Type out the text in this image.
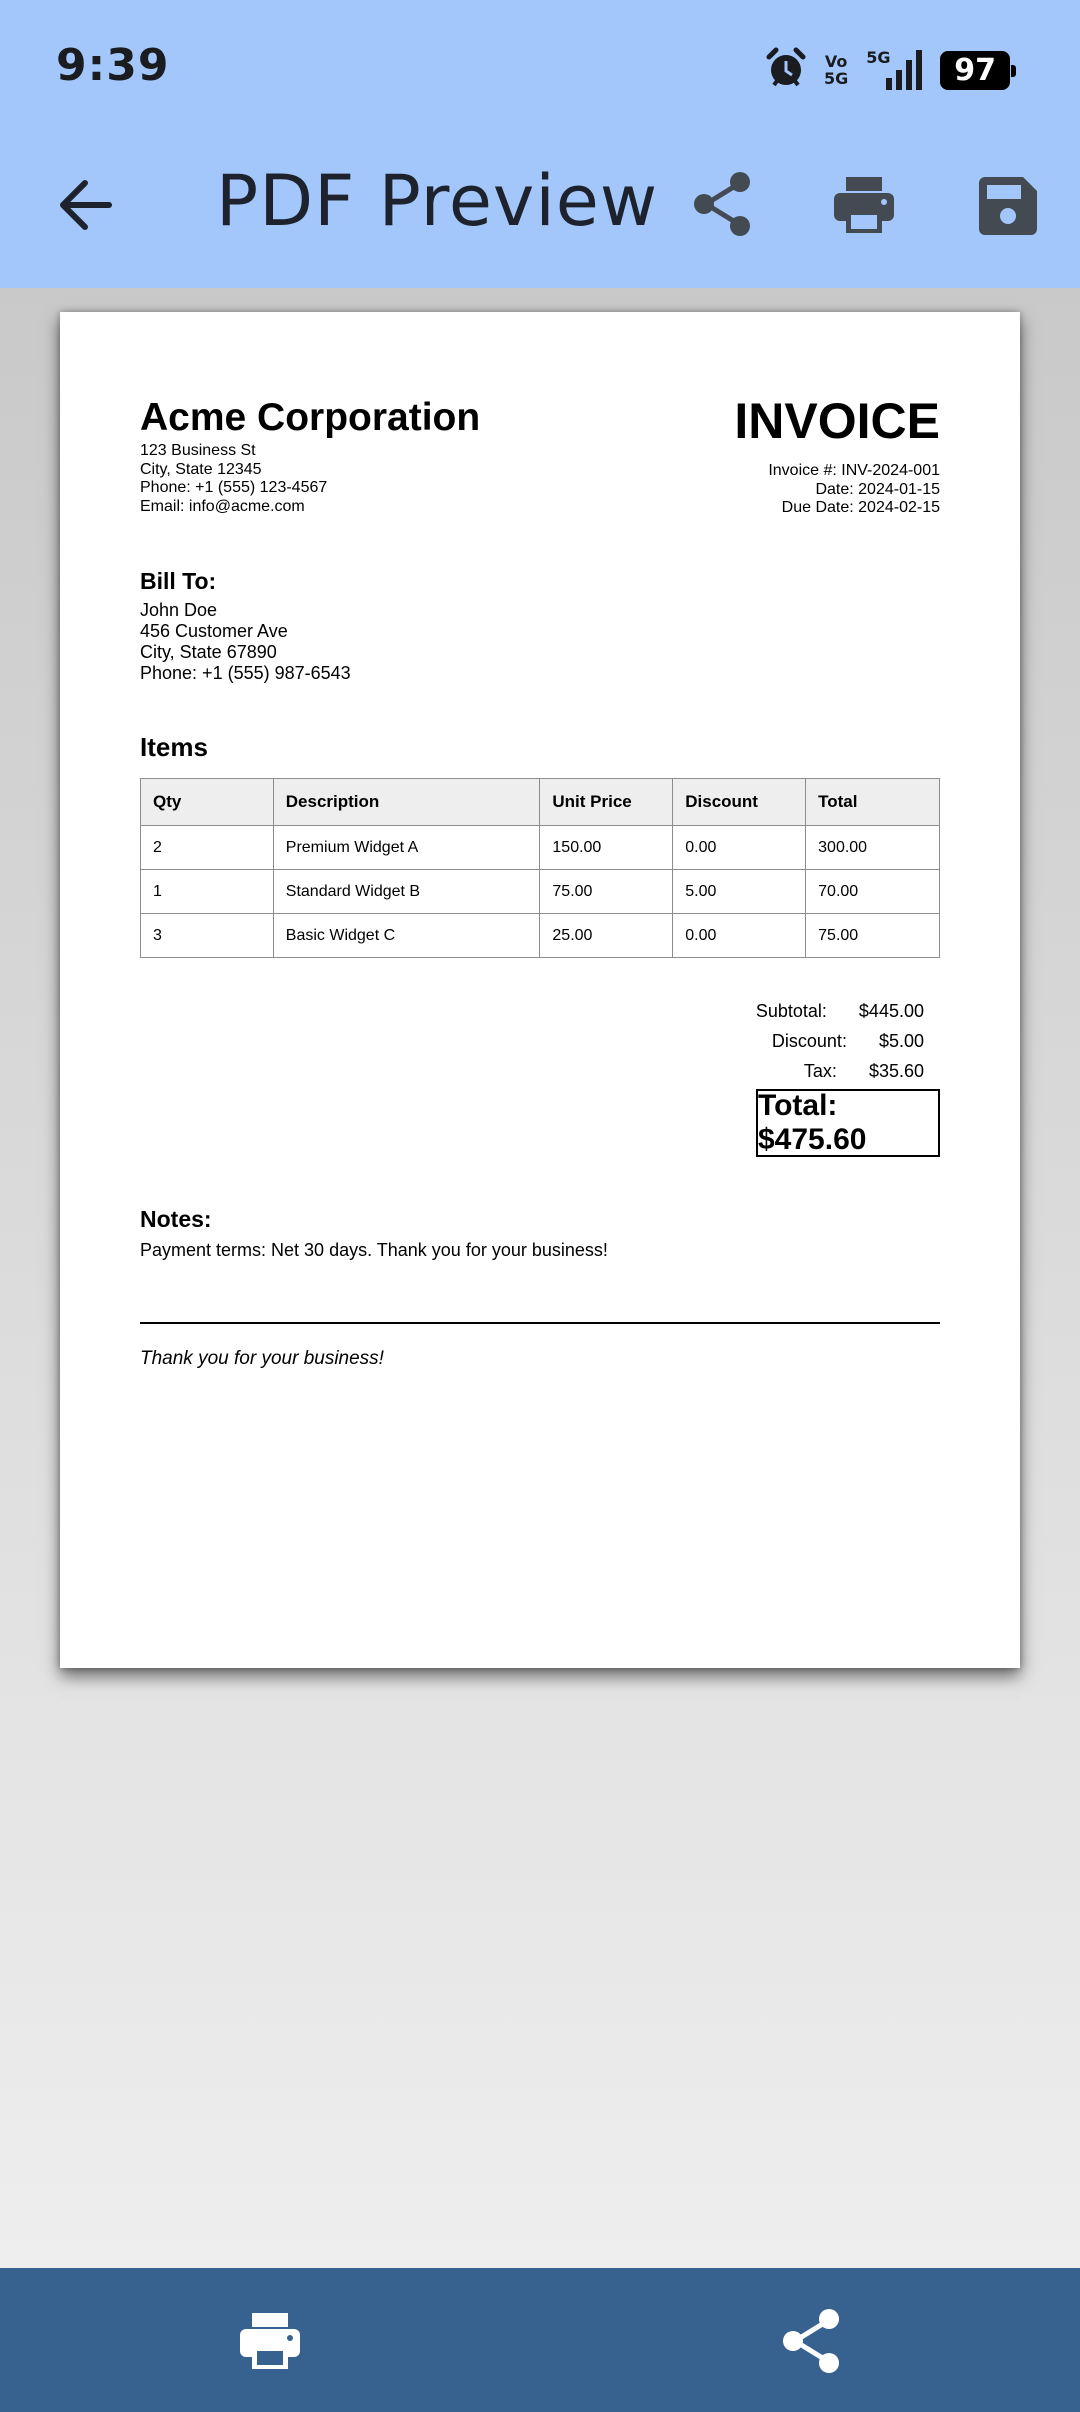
9:39	Vo
5G
5G	97
PDF Preview
Acme Corporation
123 Business St
City, State 12345
Phone: +1 (555) 123-4567
Email: info@acme.com
INVOICE
Invoice #: INV-2024-001
Date: 2024-01-15
Due Date: 2024-02-15
Bill To:
John Doe
456 Customer Ave
City, State 67890
Phone: +1 (555) 987-6543
Items
Qty	Description	Unit Price	Discount	Total
2	Premium Widget A	150.00	0.00	300.00
1	Standard Widget B	75.00	5.00	70.00
3	Basic Widget C	25.00	0.00	75.00
Subtotal: $445.00
Discount: $5.00
Tax: $35.60
Total: $475.60
Notes:
Payment terms: Net 30 days. Thank you for your business!
Thank you for your business!
